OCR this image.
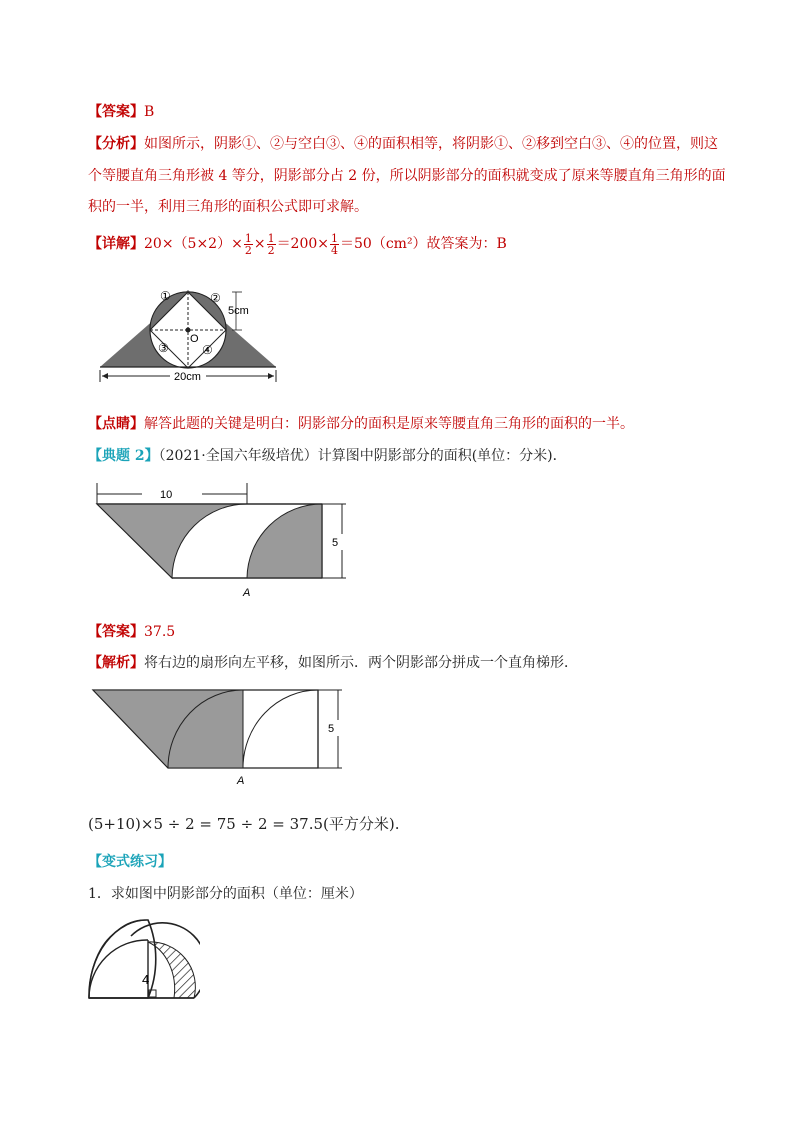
【答案】B
【分析】如图所示，阴影①、②与空白③、④的面积相等，将阴影①、②移到空白③、④的位置，则这
个等腰直角三角形被 4 等分，阴影部分占 2 份，所以阴影部分的面积就变成了原来等腰直角三角形的面
积的一半，利用三角形的面积公式即可求解。
【详解】$20\times(5\times 2)\times \frac{1}{2} \times \frac{1}{2} =200\times \frac{1}{4} =50(cm^2)$故答案为：B
①	②
③	④
O
5cm
20cm
【点睛】解答此题的关键是明白：阴影部分的面积是原来等腰直角三角形的面积的一半。
【典题 2】（2021·全国六年级培优）计算图中阴影部分的面积(单位：分米)．
10
5
A
【答案】37.5
【解析】将右边的扇形向左平移，如图所示．两个阴影部分拼成一个直角梯形．
5
A
(5+10)×5 ÷ 2 = 75 ÷ 2 = 37.5(平方分米).
【变式练习】
1．求如图中阴影部分的面积（单位：厘米）
4
